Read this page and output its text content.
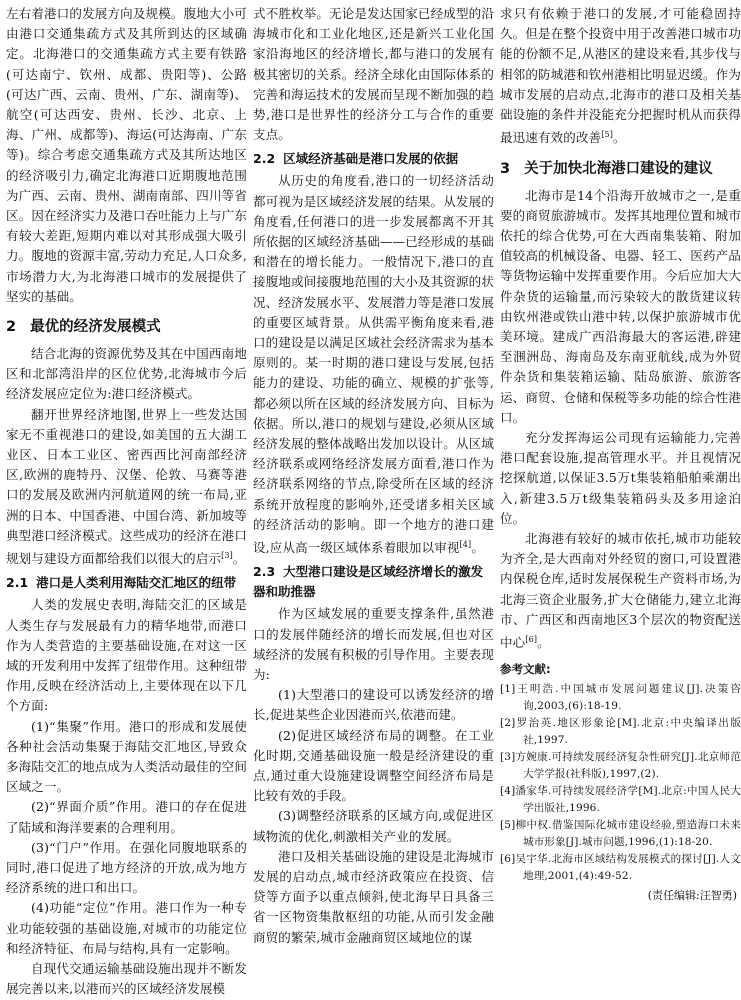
左右着港口的发展方向及规模。腹地大小可由港口交通集疏方式及其所到达的区域确定。北海港口的交通集疏方式主要有铁路(可达南宁、钦州、成都、贵阳等)、公路(可达广西、云南、贵州、广东、湖南等)、航空(可达西安、贵州、长沙、北京、上海、广州、成都等)、海运(可达海南、广东等)。综合考虑交通集疏方式及其所达地区的经济吸引力,确定北海港口近期腹地范围为广西、云南、贵州、湖南南部、四川等省区。因在经济实力及港口吞吐能力上与广东有较大差距,短期内难以对其形成强大吸引力。腹地的资源丰富,劳动力充足,人口众多,市场潜力大,为北海港口城市的发展提供了坚实的基础。

2 最优的经济发展模式

结合北海的资源优势及其在中国西南地区和北部湾沿岸的区位优势,北海城市今后经济发展应定位为:港口经济模式。

翻开世界经济地图,世界上一些发达国家无不重视港口的建设,如美国的五大湖工业区、日本工业区、密西西比河南部经济区,欧洲的鹿特丹、汉堡、伦敦、马赛等港口的发展及欧洲内河航道网的统一布局,亚洲的日本、中国香港、中国台湾、新加坡等典型港口经济模式。这些成功的经济在港口规划与建设方面都给我们以很大的启示[3]。

2.1 港口是人类利用海陆交汇地区的纽带

人类的发展史表明,海陆交汇的区域是人类生存与发展最有力的精华地带,而港口作为人类营造的主要基础设施,在对这一区域的开发利用中发挥了纽带作用。这种纽带作用,反映在经济活动上,主要体现在以下几个方面:

(1)“集聚”作用。港口的形成和发展使各种社会活动集聚于海陆交汇地区,导致众多海陆交汇的地点成为人类活动最佳的空间区域之一。

(2)“界面介质”作用。港口的存在促进了陆域和海洋要素的合理利用。

(3)“门户”作用。在强化同腹地联系的同时,港口促进了地方经济的开放,成为地方经济系统的进口和出口。

(4)功能“定位”作用。港口作为一种专业功能较强的基础设施,对城市的功能定位和经济特征、布局与结构,具有一定影响。

自现代交通运输基础设施出现并不断发展完善以来,以港而兴的区域经济发展模

式不胜枚举。无论是发达国家已经成型的沿海城市化和工业化地区,还是新兴工业化国家沿海地区的经济增长,都与港口的发展有极其密切的关系。经济全球化由国际体系的完善和海运技术的发展而呈现不断加强的趋势,港口是世界性的经济分工与合作的重要支点。

2.2 区域经济基础是港口发展的依据

从历史的角度看,港口的一切经济活动都可视为是区域经济发展的结果。从发展的角度看,任何港口的进一步发展都离不开其所依据的区域经济基础——已经形成的基础和潜在的增长能力。一般情况下,港口的直接腹地或间接腹地范围的大小及其资源的状况、经济发展水平、发展潜力等是港口发展的重要区域背景。从供需平衡角度来看,港口的建设是以满足区域社会经济需求为基本原则的。某一时期的港口建设与发展,包括能力的建设、功能的确立、规模的扩张等,都必须以所在区域的经济发展方向、目标为依据。所以,港口的规划与建设,必须从区域经济发展的整体战略出发加以设计。从区域经济联系或网络经济发展方面看,港口作为经济联系网络的节点,除受所在区域的经济系统开放程度的影响外,还受诸多相关区域的经济活动的影响。即一个地方的港口建设,应从高一级区域体系着眼加以审视[4]。

2.3 大型港口建设是区域经济增长的激发器和助推器

作为区域发展的重要支撑条件,虽然港口的发展伴随经济的增长而发展,但也对区域经济的发展有积极的引导作用。主要表现为:

(1)大型港口的建设可以诱发经济的增长,促进某些企业因港而兴,依港而建。

(2)促进区域经济布局的调整。在工业化时期,交通基础设施一般是经济建设的重点,通过重大设施建设调整空间经济布局是比较有效的手段。

(3)调整经济联系的区域方向,或促进区域物流的优化,刺激相关产业的发展。

港口及相关基础设施的建设是北海城市发展的启动点,城市经济政策应在投资、信贷等方面予以重点倾斜,使北海早日具备三省一区物资集散枢纽的功能,从而引发金融商贸的繁荣,城市金融商贸区域地位的谋

求只有依赖于港口的发展,才可能稳固持久。但是在整个投资中用于改善港口城市功能的份额不足,从港区的建设来看,其步伐与相邻的防城港和钦州港相比明显迟缓。作为城市发展的启动点,北海市的港口及相关基础设施的条件并没能充分把握时机从而获得最迅速有效的改善[5]。

3 关于加快北海港口建设的建议

北海市是14个沿海开放城市之一,是重要的商贸旅游城市。发挥其地理位置和城市依托的综合优势,可在大西南集装箱、附加值较高的机械设备、电器、轻工、医药产品等货物运输中发挥重要作用。今后应加大大件杂货的运输量,而污染较大的散货建议转由钦州港或铁山港中转,以保护旅游城市优美环境。建成广西沿海最大的客运港,辟建至涠洲岛、海南岛及东南亚航线,成为外贸件杂货和集装箱运输、陆岛旅游、旅游客运、商贸、仓储和保税等多功能的综合性港口。

充分发挥海运公司现有运输能力,完善港口配套设施,提高管理水平。并且视情况挖探航道,以保证3.5万t集装箱船舶乘潮出入,新建3.5万t级集装箱码头及多用途泊位。

北海港有较好的城市依托,城市功能较为齐全,是大西南对外经贸的窗口,可设置港内保税仓库,适时发展保税生产资料市场,为北海三资企业服务,扩大仓储能力,建立北海市、广西区和西南地区3个层次的物资配送中心[6]。

参考文献:

[1]王明浩.中国城市发展问题建议[J].决策咨询,2003,(6):18-19.

[2]罗治英.地区形象论[M].北京:中央编译出版社,1997.

[3]方婉康.可持续发展经济复杂性研究[J].北京师范大学学报(社科版),1997,(2).

[4]潘家华.可持续发展经济学[M].北京:中国人民大学出版社,1996.

[5]柳中权.借鉴国际化城市建设经验,塑造海口未来城市形象[J].城市问题,1996,(1):18-20.

[6]吴宇华.北海市区域结构发展模式的探讨[J].人文地理,2001,(4):49-52.

(责任编辑:汪智勇)
